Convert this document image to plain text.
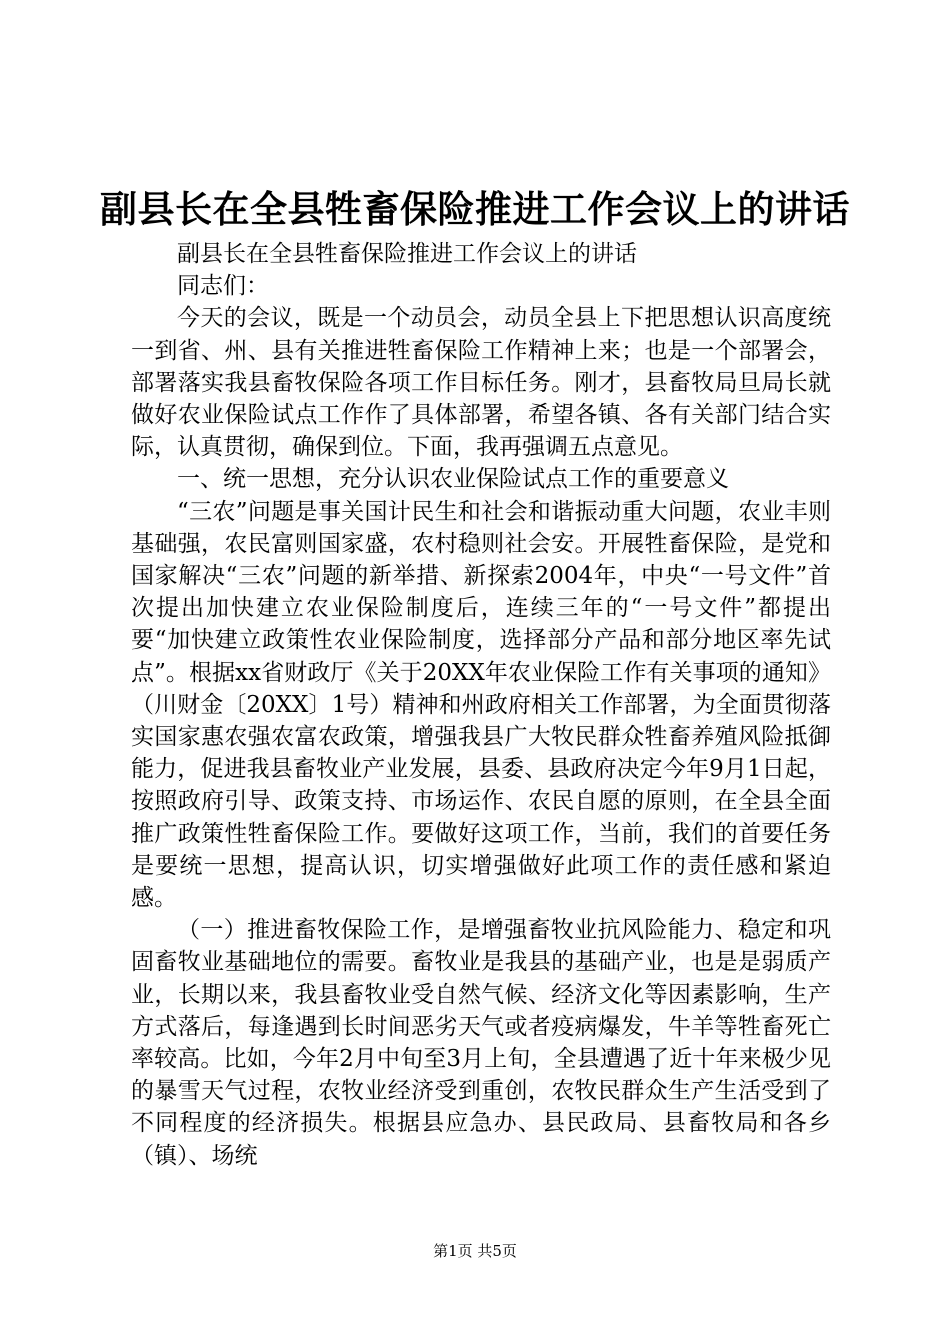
副县长在全县牲畜保险推进工作会议上的讲话

副县长在全县牲畜保险推进工作会议上的讲话

同志们：

今天的会议，既是一个动员会，动员全县上下把思想认识高度统一到省、州、县有关推进牲畜保险工作精神上来；也是一个部署会，部署落实我县畜牧保险各项工作目标任务。刚才，县畜牧局旦局长就做好农业保险试点工作作了具体部署，希望各镇、各有关部门结合实际，认真贯彻，确保到位。下面，我再强调五点意见。

一、统一思想，充分认识农业保险试点工作的重要意义

“三农”问题是事关国计民生和社会和谐振动重大问题，农业丰则基础强，农民富则国家盛，农村稳则社会安。开展牲畜保险，是党和国家解决“三农”问题的新举措、新探索2004年，中央“一号文件”首次提出加快建立农业保险制度后，连续三年的“一号文件”都提出要“加快建立政策性农业保险制度，选择部分产品和部分地区率先试点”。根据xx省财政厅《关于20XX年农业保险工作有关事项的通知》（川财金〔20XX〕1号）精神和州政府相关工作部署，为全面贯彻落实国家惠农强农富农政策，增强我县广大牧民群众牲畜养殖风险抵御能力，促进我县畜牧业产业发展，县委、县政府决定今年9月1日起，按照政府引导、政策支持、市场运作、农民自愿的原则，在全县全面推广政策性牲畜保险工作。要做好这项工作，当前，我们的首要任务是要统一思想，提高认识，切实增强做好此项工作的责任感和紧迫感。

（一）推进畜牧保险工作，是增强畜牧业抗风险能力、稳定和巩固畜牧业基础地位的需要。畜牧业是我县的基础产业，也是是弱质产业，长期以来，我县畜牧业受自然气候、经济文化等因素影响，生产方式落后，每逢遇到长时间恶劣天气或者疫病爆发，牛羊等牲畜死亡率较高。比如，今年2月中旬至3月上旬，全县遭遇了近十年来极少见的暴雪天气过程，农牧业经济受到重创，农牧民群众生产生活受到了不同程度的经济损失。根据县应急办、县民政局、县畜牧局和各乡（镇）、场统

第1页 共5页
